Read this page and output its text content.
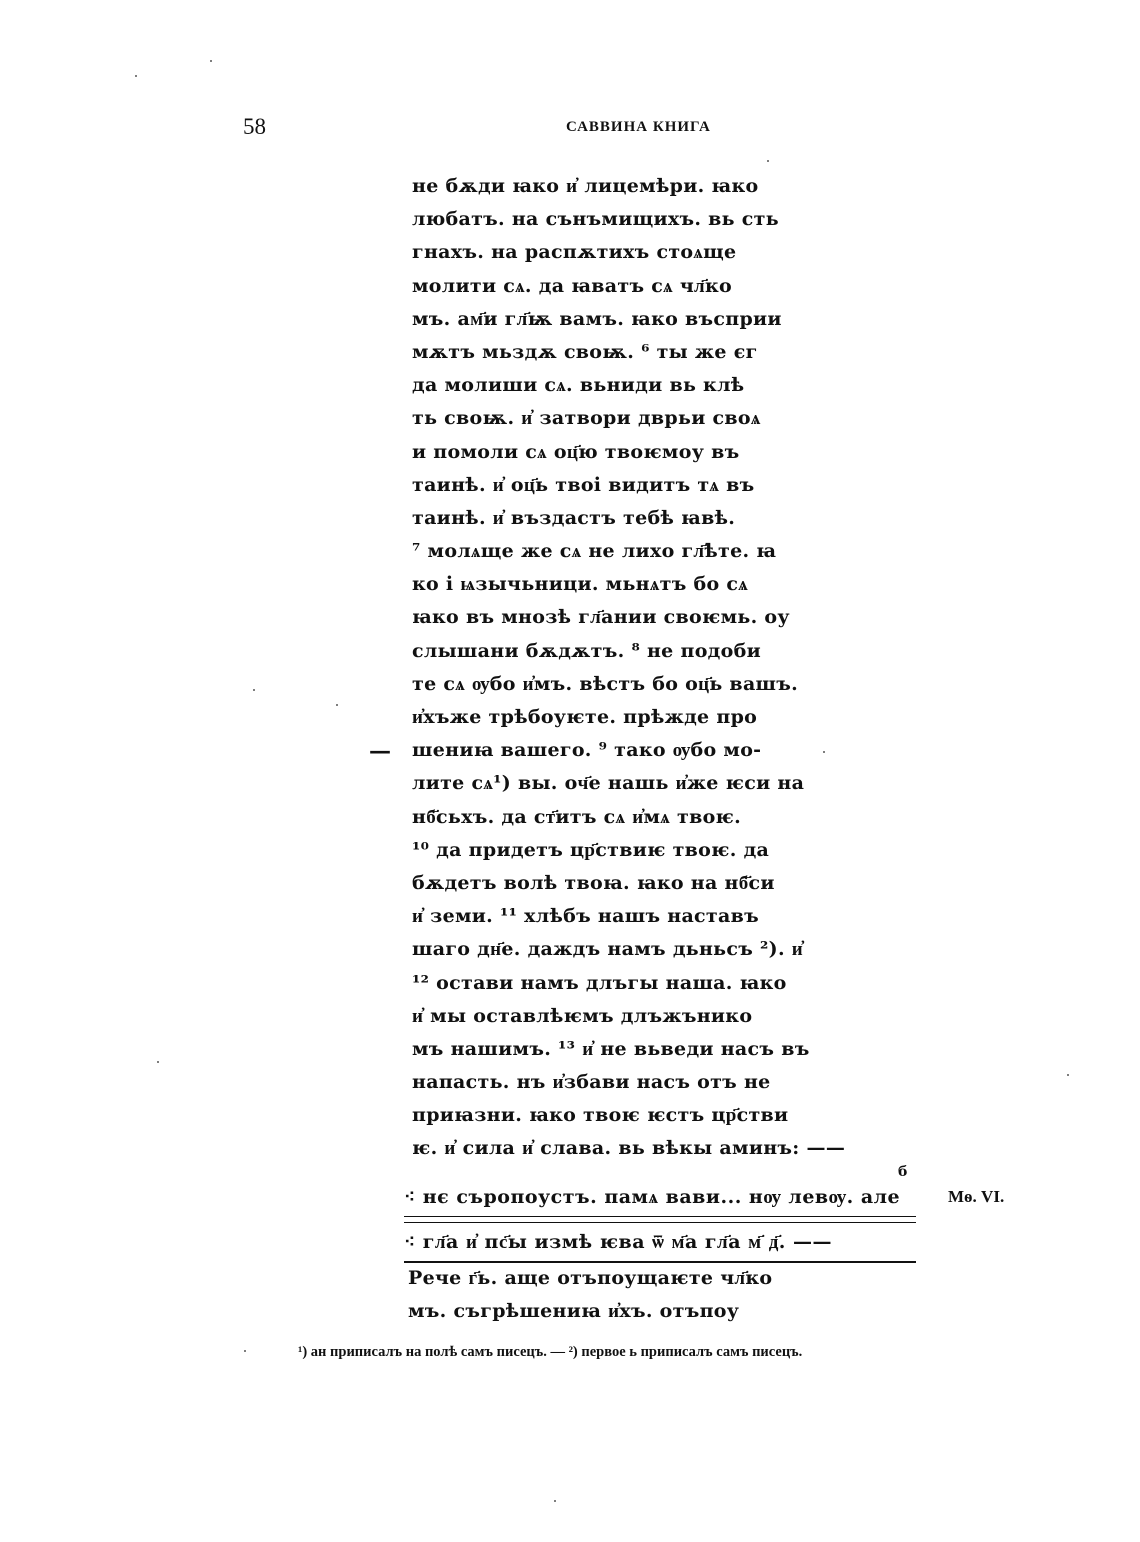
58	САВВИНА КНИГА
не бѫди ꙗко и҆ лицемѣри. ꙗко
любатъ. на сънъмищихъ. вь сть
гнахъ. на распѫтихъ стоѧще
молити сѧ. да ꙗватъ сѧ чл҃ко
мъ. ам҃и гл҃ѭ вамъ. ꙗко въсприи
мѫтъ мьздѫ своѭ. ⁶ ты же єг
да молиши сѧ. вьниди вь клѣ
ть своѭ. и҆ затвори дврьи своѧ
и помоли сѧ оц҃ю твоѥмоу въ
таинѣ. и҆ оц҃ь твоі видитъ тѧ въ
таинѣ. и҆ въздастъ тебѣ ꙗвѣ.
⁷ молѧще же сѧ не лихо гл҃ѣте. ꙗ
ко і ѩзычьници. мьнѧтъ бо сѧ
ꙗко въ мнозѣ гл҃ании своѥмь. оу
слышани бѫдѫтъ. ⁸ не подоби
те сѧ ѹбо и҆мъ. вѣстъ бо оц҃ь вашъ.
и҆хъже трѣбоуѥте. прѣжде про
шениꙗ вашего. ⁹ тако ѹбо мо-
лите сѧ¹) вы. оч҃е нашь и҆же ѥси на
нб҃сьхъ. да ст҃итъ сѧ и҆мѧ твоѥ.
¹⁰ да придетъ цр҃ствиѥ твоѥ. да
бѫдетъ волѣ твоꙗ. ꙗко на нб҃си
и҆ земи. ¹¹ хлѣбъ нашъ наставъ
шаго дн҃е. даждъ намъ дьньсъ ²). и҆
¹² остави намъ длъгы наша. ꙗко
и҆ мы оставлѣѥмъ длъжънико
мъ нашимъ. ¹³ и҆ не вьведи насъ въ
напасть. нъ и҆збави насъ отъ не
приꙗзни. ꙗко твоѥ ѥстъ цр҃стви
ѥ. и҆ сила и҆ слава. вь вѣкы аминъ: ——
—
б
⁖ нє съропоустъ. памѧ вави... нѹ левѹ. але
⁖ гл҃а и҆ пс҃ы измѣ ѥва ѿ м҃а гл҃а м҃ д҃. ——
Мѳ. VI.
Рече г҃ь. аще отъпоущаѥте чл҃ко
мъ. съгрѣшениꙗ и҆хъ. отъпоу
¹) ан приписалъ на полѣ самъ писецъ. — ²) первое ь приписалъ самъ писецъ.
